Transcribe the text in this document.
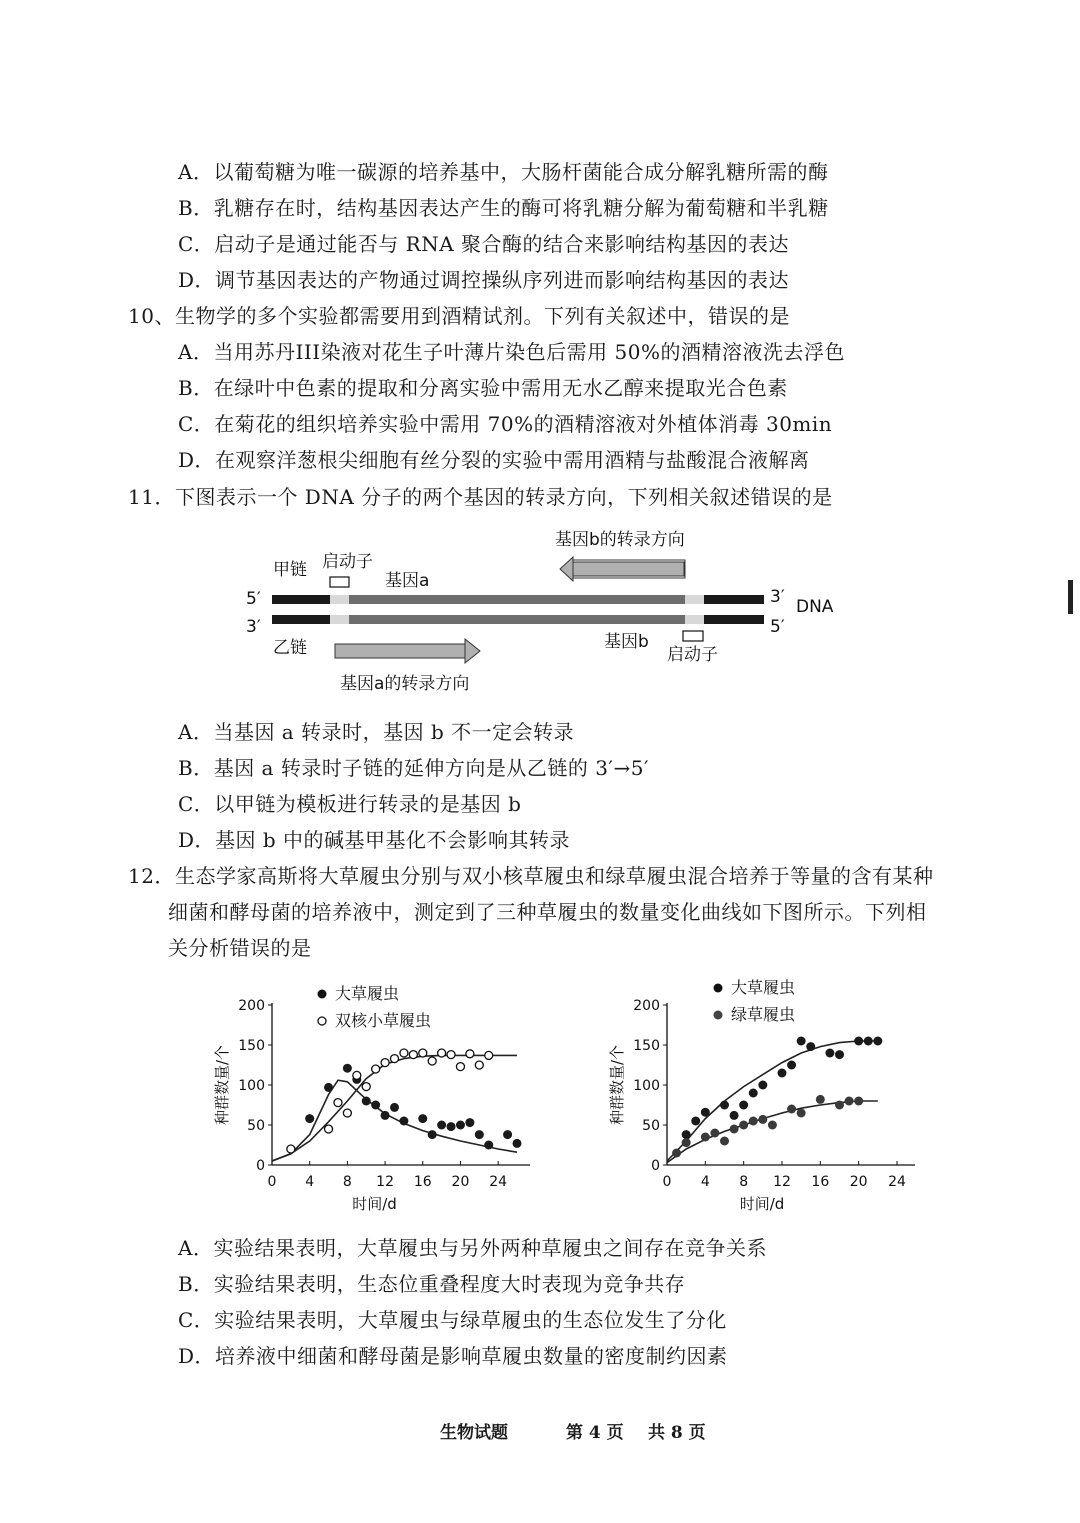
A．以葡萄糖为唯一碳源的培养基中，大肠杆菌能合成分解乳糖所需的酶
B．乳糖存在时，结构基因表达产生的酶可将乳糖分解为葡萄糖和半乳糖
C．启动子是通过能否与 RNA 聚合酶的结合来影响结构基因的表达
D．调节基因表达的产物通过调控操纵序列进而影响结构基因的表达
10、生物学的多个实验都需要用到酒精试剂。下列有关叙述中，错误的是
A．当用苏丹III染液对花生子叶薄片染色后需用 50%的酒精溶液洗去浮色
B．在绿叶中色素的提取和分离实验中需用无水乙醇来提取光合色素
C．在菊花的组织培养实验中需用 70%的酒精溶液对外植体消毒 30min
D．在观察洋葱根尖细胞有丝分裂的实验中需用酒精与盐酸混合液解离
11．下图表示一个 DNA 分子的两个基因的转录方向，下列相关叙述错误的是
基因b的转录方向
甲链 启动子
基因a
5′
3′
3′
5′
DNA
基因b
启动子
乙链
基因a的转录方向
A．当基因 a 转录时，基因 b 不一定会转录
B．基因 a 转录时子链的延伸方向是从乙链的 3′→5′
C．以甲链为模板进行转录的是基因 b
D．基因 b 中的碱基甲基化不会影响其转录
12．生态学家高斯将大草履虫分别与双小核草履虫和绿草履虫混合培养于等量的含有某种
细菌和酵母菌的培养液中，测定到了三种草履虫的数量变化曲线如下图所示。下列相
关分析错误的是
0 4 8 12 16 20 24
0
50
100
150
200
时间/d
种群数量/个
大草履虫
双核小草履虫
0 4 8 12 16 20 24
0
50
100
150
200
时间/d
种群数量/个
大草履虫
绿草履虫
A．实验结果表明，大草履虫与另外两种草履虫之间存在竞争关系
B．实验结果表明，生态位重叠程度大时表现为竞争共存
C．实验结果表明，大草履虫与绿草履虫的生态位发生了分化
D．培养液中细菌和酵母菌是影响草履虫数量的密度制约因素
生物试题	第 4 页 共 8 页
